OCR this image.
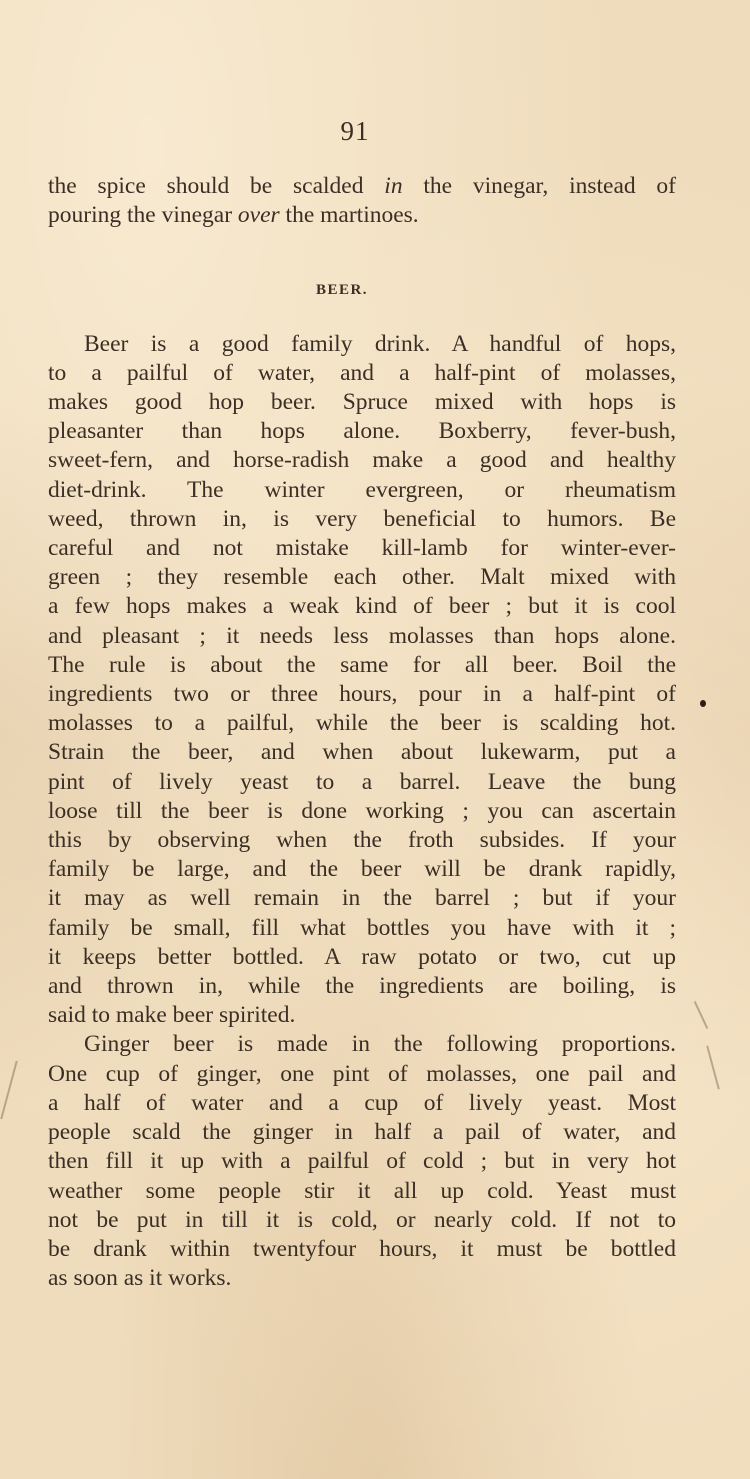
91
the spice should be scalded in the vinegar, instead of
pouring the vinegar over the martinoes.
BEER.
Beer is a good family drink. A handful of hops,
to a pailful of water, and a half-pint of molasses,
makes good hop beer. Spruce mixed with hops is
pleasanter than hops alone. Boxberry, fever-bush,
sweet-fern, and horse-radish make a good and healthy
diet-drink. The winter evergreen, or rheumatism
weed, thrown in, is very beneficial to humors. Be
careful and not mistake kill-lamb for winter-ever-
green ; they resemble each other. Malt mixed with
a few hops makes a weak kind of beer ; but it is cool
and pleasant ; it needs less molasses than hops alone.
The rule is about the same for all beer. Boil the
ingredients two or three hours, pour in a half-pint of
molasses to a pailful, while the beer is scalding hot.
Strain the beer, and when about lukewarm, put a
pint of lively yeast to a barrel. Leave the bung
loose till the beer is done working ; you can ascertain
this by observing when the froth subsides. If your
family be large, and the beer will be drank rapidly,
it may as well remain in the barrel ; but if your
family be small, fill what bottles you have with it ;
it keeps better bottled. A raw potato or two, cut up
and thrown in, while the ingredients are boiling, is
said to make beer spirited.
Ginger beer is made in the following proportions.
One cup of ginger, one pint of molasses, one pail and
a half of water and a cup of lively yeast. Most
people scald the ginger in half a pail of water, and
then fill it up with a pailful of cold ; but in very hot
weather some people stir it all up cold. Yeast must
not be put in till it is cold, or nearly cold. If not to
be drank within twentyfour hours, it must be bottled
as soon as it works.
